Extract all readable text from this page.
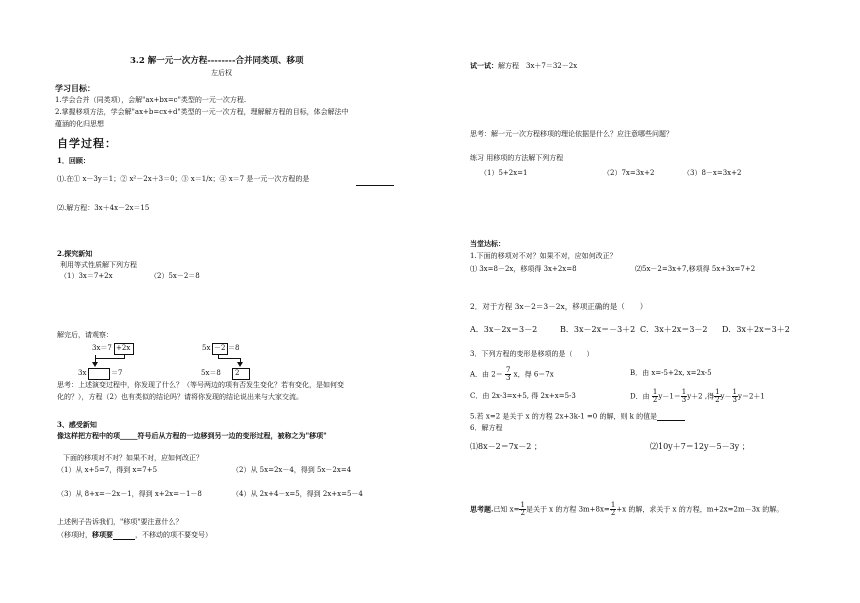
3.2 解一元一次方程--------合并同类项、移项
左后权
学习目标：
1.学会合并（同类项），会解"ax+bx=c"类型的一元一次方程.
2.掌握移项方法，学会解"ax+b=cx+d"类型的一元一次方程，理解解方程的目标，体会解法中
蕴涵的化归思想
自学过程：
1．回顾：
⑴.在① x－3y＝1；② x²－2x＋3＝0；③ x＝1/x；④ x＝7 是一元一次方程的是
⑵.解方程：3x＋4x－2x＝15
2.探究新知
利用等式性质解下列方程
（1）3x＝7+2x	（2）5x－2＝8
解完后，请观察：
3x＝7 +2x
3x	＝7
5x －2 ＝8
5x＝8 2
思考：上述演变过程中，你发现了什么？（等号两边的项有否发生变化？若有变化，是如何变
化的？），方程（2）也有类似的结论吗？请将你发现的结论说出来与大家交流。
3、感受新知
像这样把方程中的项_____符号后从方程的一边移到另一边的变形过程，被称之为"移项"
下面的移项对不对？如果不对，应如何改正？
（1）从 x+5=7，得到 x=7+5	（2）从 5x=2x－4，得到 5x－2x=4
（3）从 8+x=－2x－1，得到 x+2x=－1－8	（4）从 2x+4－x=5，得到 2x+x=5－4
上述例子告诉我们，"移项"要注意什么？
（移项时，移项要	，不移动的项不要变号）
试一试：解方程　3x＋7＝32－2x
思考：解一元一次方程移项的理论依据是什么？应注意哪些问题？
练习 用移项的方法解下列方程
（1）5+2x=1	（2）7x=3x+2	（3）8－x=3x+2
当堂达标：
1.下面的移项对不对？如果不对，应如何改正？
⑴ 3x=8－2x，移项得 3x+2x=8	⑵5x－2=3x+7,移项得 5x+3x=7+2
2．对于方程 3x－2＝3－2x，移项正确的是（　　）
A．3x－2x＝3－2	B．3x－2x＝－3＋2 C．3x＋2x＝3－2 D．3x＋2x＝3＋2
3．下列方程的变形是移项的是（　　）
A．由 $2= \frac{7}{3}$ x，得 6＝7x	B．由 x=-5+2x, x=2x-5
C．由 2x-3=x+5, 得 2x+x=5-3	D．由 $\frac{1}{2} y-1= \frac{1}{3} y+2$ ,得 $\frac{1}{2} y- \frac{1}{3} y=2+1$
5.若 x=2 是关于 x 的方程 2x+3k-1 =0 的解，则 k 的值是
6．解方程
⑴8x－2＝7x－2 ；	⑵10y＋7＝12y－5－3y ；
思考题.已知 $x= \frac{1}{2}$ 是关于 x 的方程 $3m+8x= \frac{1}{2} +x$ 的解，求关于 x 的方程，m+2x=2m－3x 的解。
